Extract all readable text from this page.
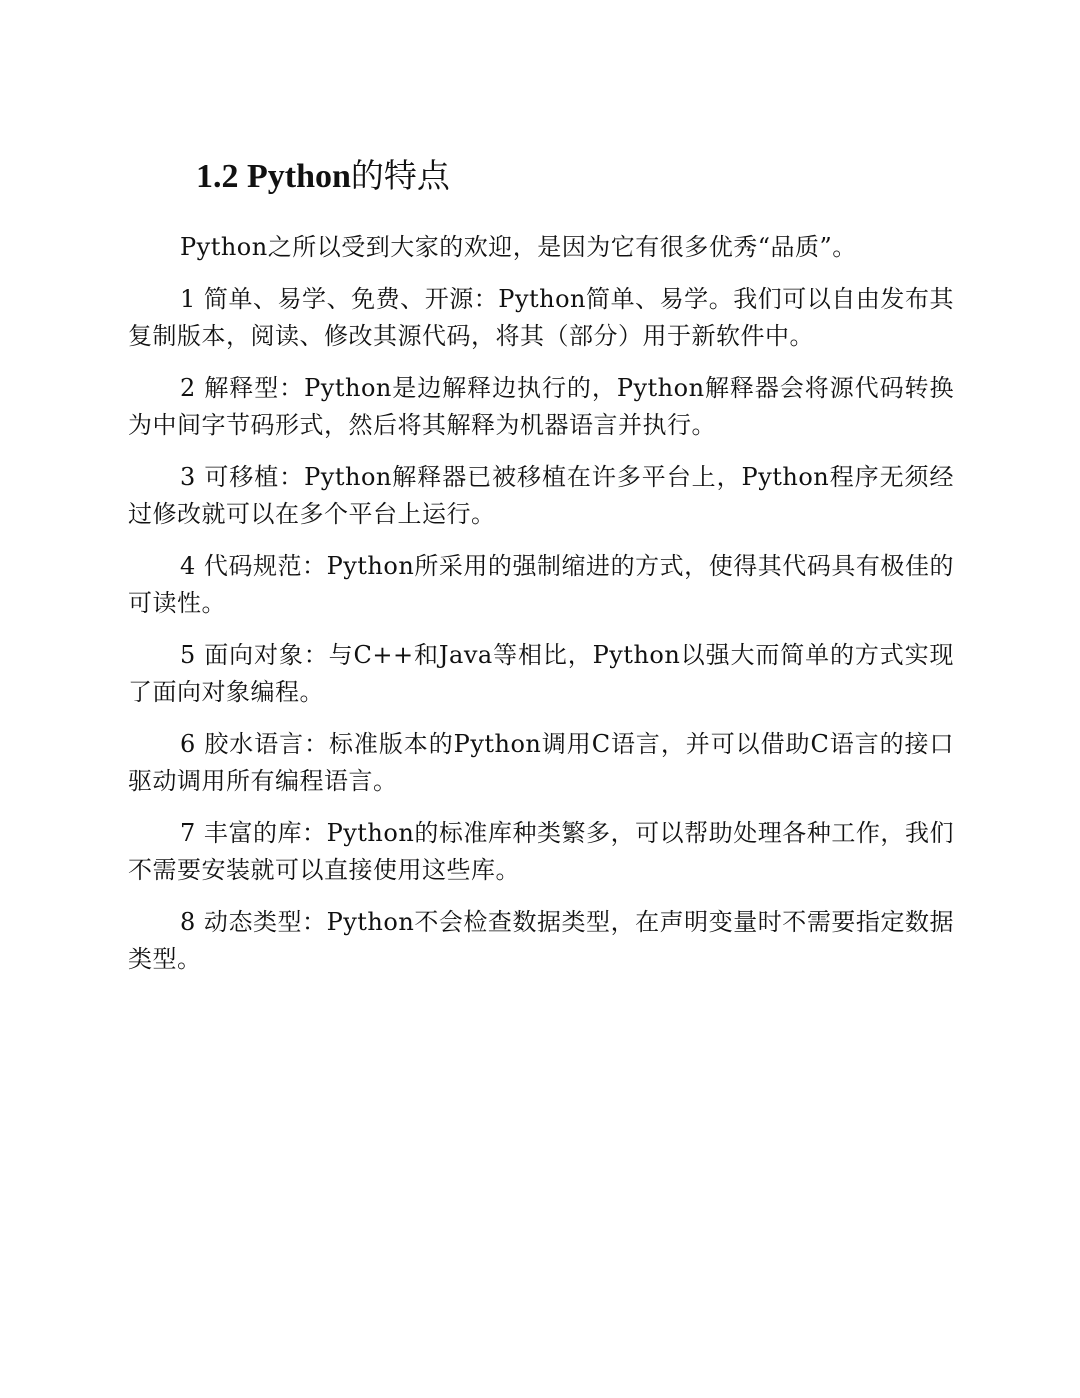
1.2 Python的特点

Python之所以受到大家的欢迎，是因为它有很多优秀“品质”。

1 简单、易学、免费、开源：Python简单、易学。我们可以自由发布其复制版本，阅读、修改其源代码，将其（部分）用于新软件中。

2 解释型：Python是边解释边执行的，Python解释器会将源代码转换为中间字节码形式，然后将其解释为机器语言并执行。

3 可移植：Python解释器已被移植在许多平台上，Python程序无须经过修改就可以在多个平台上运行。

4 代码规范：Python所采用的强制缩进的方式，使得其代码具有极佳的可读性。

5 面向对象：与C++和Java等相比，Python以强大而简单的方式实现了面向对象编程。

6 胶水语言：标准版本的Python调用C语言，并可以借助C语言的接口驱动调用所有编程语言。

7 丰富的库：Python的标准库种类繁多，可以帮助处理各种工作，我们不需要安装就可以直接使用这些库。

8 动态类型：Python不会检查数据类型，在声明变量时不需要指定数据类型。
